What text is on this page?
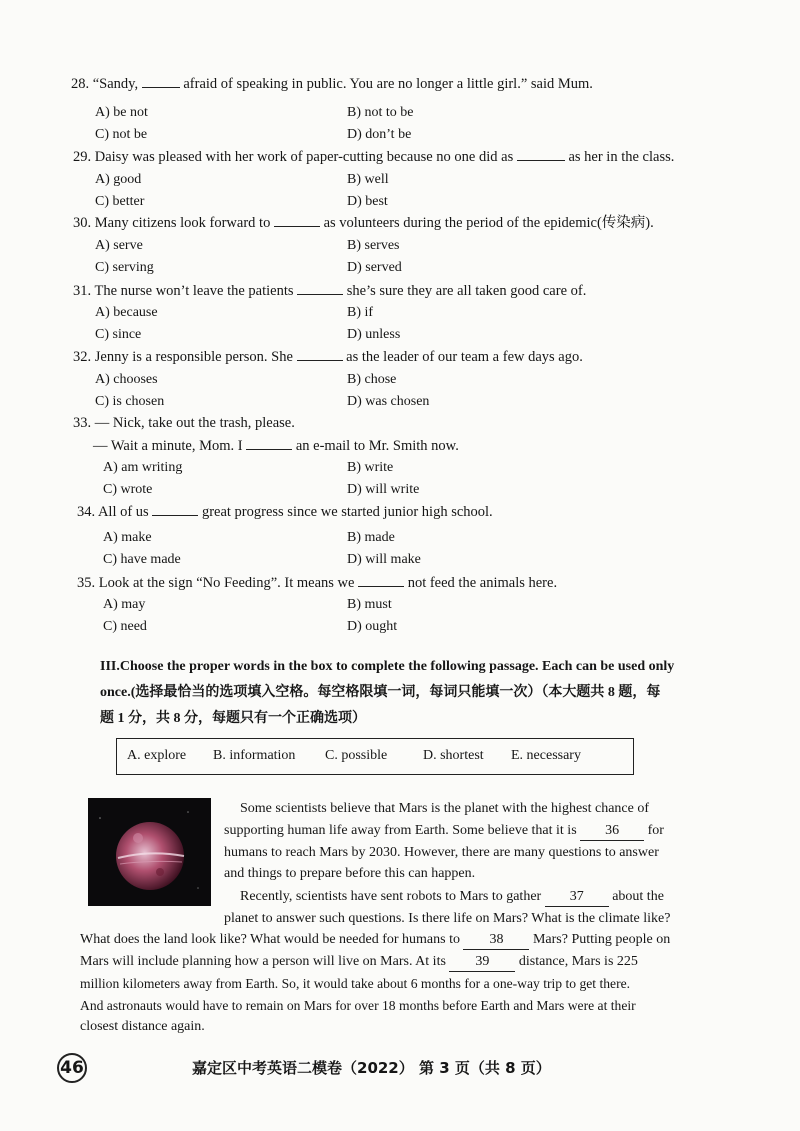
28. “Sandy,	afraid of speaking in public. You are no longer a little girl.” said Mum.
A) be not	B) not to be
C) not be	D) don’t be
29. Daisy was pleased with her work of paper-cutting because no one did as	as her in the class.
A) good	B) well
C) better	D) best
30. Many citizens look forward to	as volunteers during the period of the epidemic(传染病).
A) serve	B) serves
C) serving	D) served
31. The nurse won’t leave the patients	she’s sure they are all taken good care of.
A) because	B) if
C) since	D) unless
32. Jenny is a responsible person. She	as the leader of our team a few days ago.
A) chooses	B) chose
C) is chosen	D) was chosen
33. — Nick, take out the trash, please.
— Wait a minute, Mom. I	an e-mail to Mr. Smith now.
A) am writing	B) write
C) wrote	D) will write
34. All of us	great progress since we started junior high school.
A) make	B) made
C) have made	D) will make
35. Look at the sign “No Feeding”. It means we	not feed the animals here.
A) may	B) must
C) need	D) ought
III.Choose the proper words in the box to complete the following passage. Each can be used only
once.(选择最恰当的选项填入空格。每空格限填一词，每词只能填一次）（本大题共 8 题，每
题 1 分，共 8 分，每题只有一个正确选项）
A. explore B. information C. possible	D. shortest E. necessary
Some scientists believe that Mars is the planet with the highest chance of
supporting human life away from Earth. Some believe that it is 36 for
humans to reach Mars by 2030. However, there are many questions to answer
and things to prepare before this can happen.
Recently, scientists have sent robots to Mars to gather 37 about the
planet to answer such questions. Is there life on Mars? What is the climate like?
What does the land look like? What would be needed for humans to 38 Mars? Putting people on
Mars will include planning how a person will live on Mars. At its 39 distance, Mars is 225
million kilometers away from Earth. So, it would take about 6 months for a one-way trip to get there.
And astronauts would have to remain on Mars for over 18 months before Earth and Mars were at their
closest distance again.
46	嘉定区中考英语二模卷（2022） 第 3 页（共 8 页）
